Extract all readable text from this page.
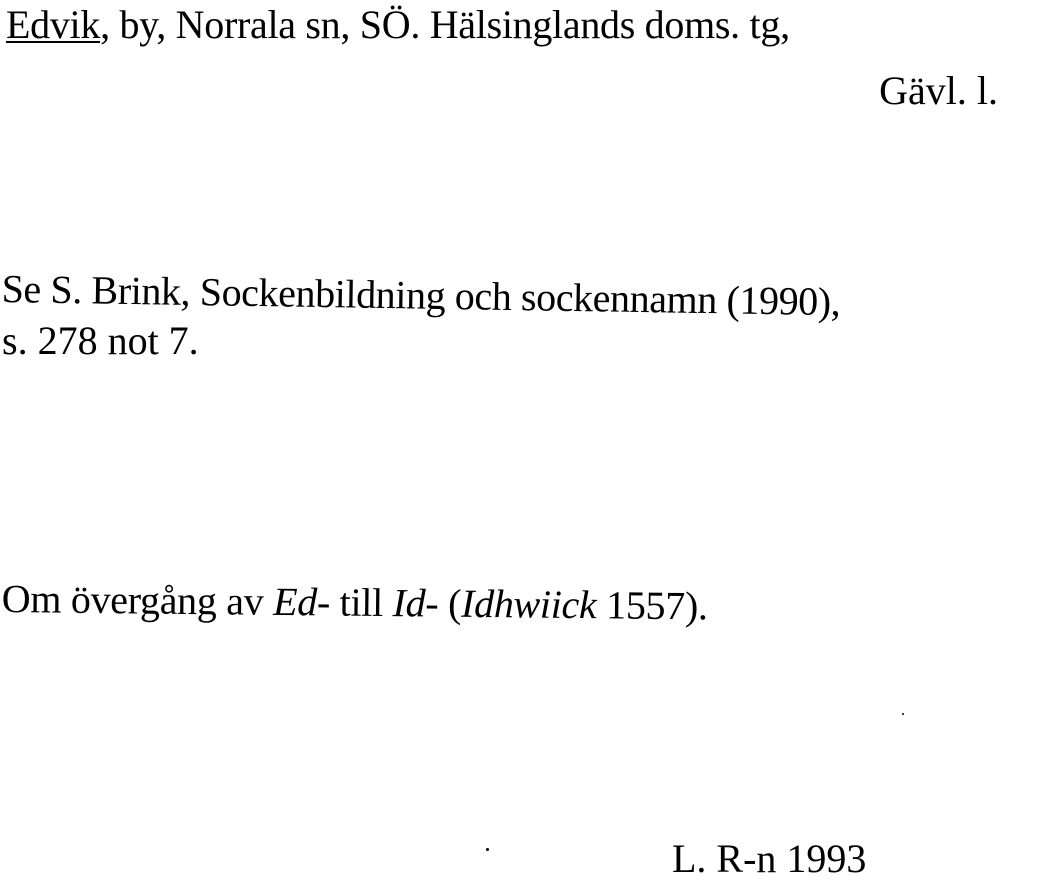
Edvik, by, Norrala sn, SÖ. Hälsinglands doms. tg,
Gävl. l.
Se S. Brink, Sockenbildning och sockennamn (1990),
s. 278 not 7.
Om övergång av Ed- till Id- (Idhwiick 1557).
L. R-n 1993
